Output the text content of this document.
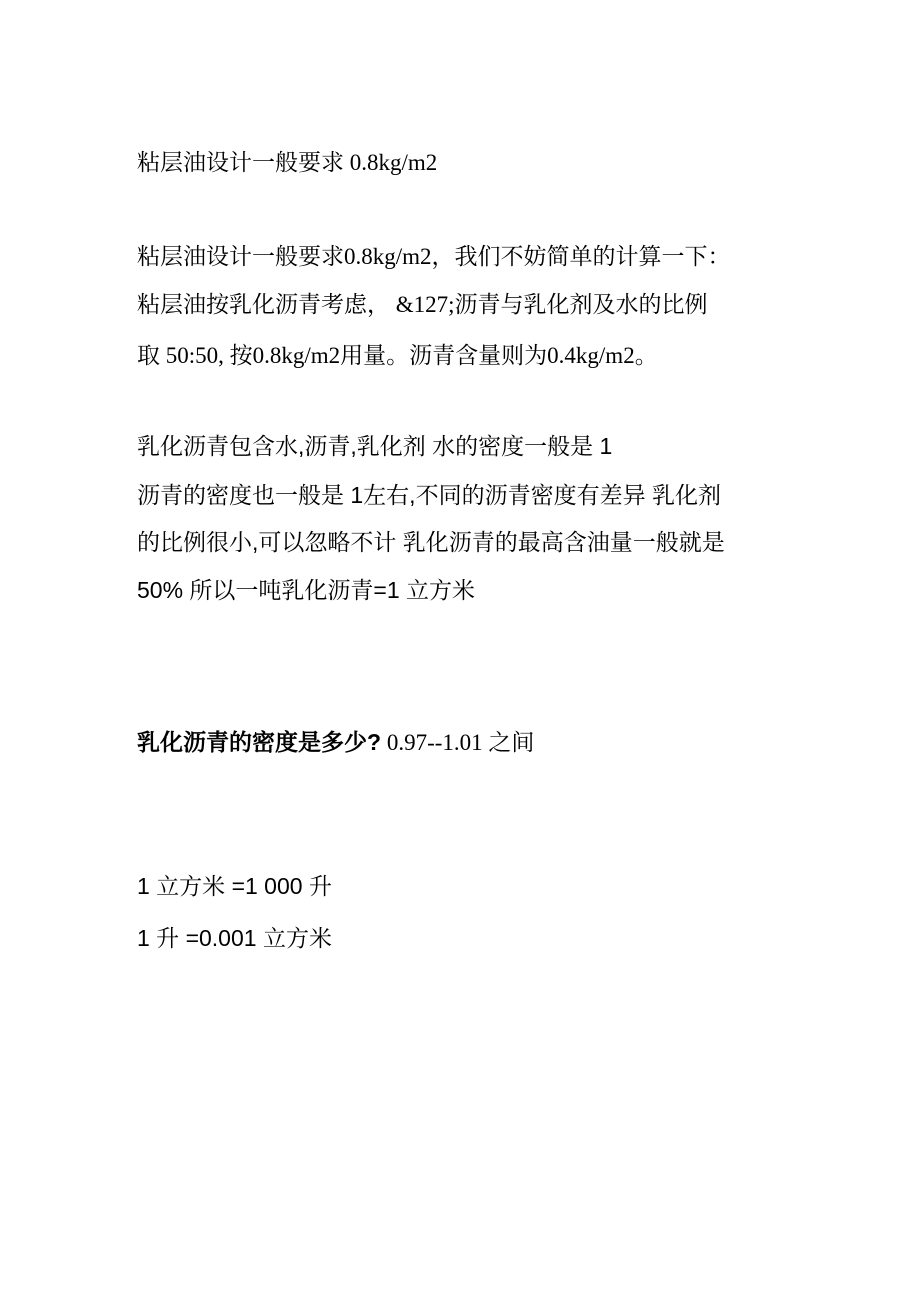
粘层油设计一般要求 0.8kg/m2
粘层油设计一般要求0.8kg/m2，我们不妨简单的计算一下：
粘层油按乳化沥青考虑， &127;沥青与乳化剂及水的比例
取 50:50, 按0.8kg/m2用量。沥青含量则为0.4kg/m2。
乳化沥青包含水,沥青,乳化剂 水的密度一般是 1
沥青的密度也一般是 1左右,不同的沥青密度有差异 乳化剂
的比例很小,可以忽略不计 乳化沥青的最高含油量一般就是
50% 所以一吨乳化沥青=1 立方米
乳化沥青的密度是多少? 0.97--1.01 之间
1 立方米 =1 000 升
1 升 =0.001 立方米
